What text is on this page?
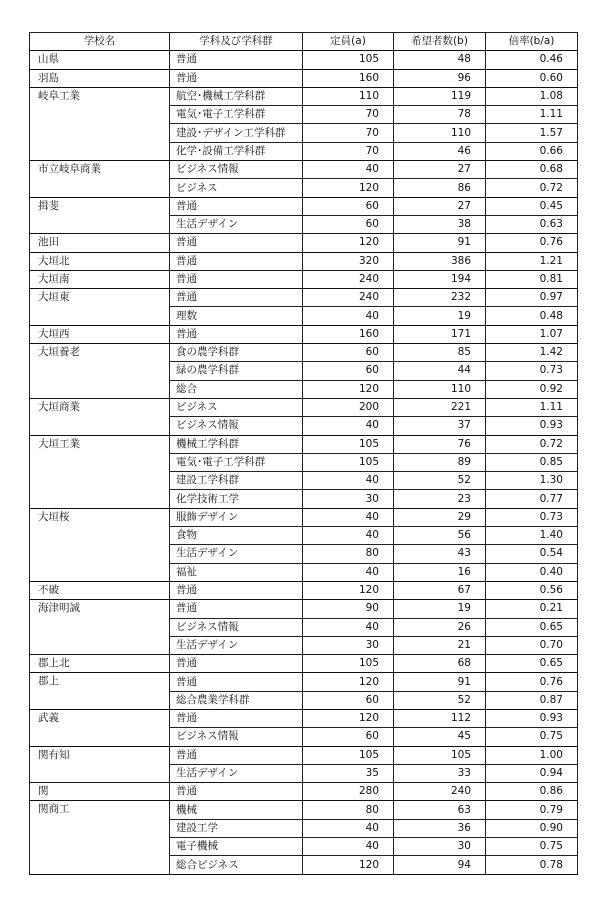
学校名	学科及び学科群	定員(a)	希望者数(b)	倍率(b/a)
山県	普通	105	48	0.46
羽島	普通	160	96	0.60
岐阜工業	航空･機械工学科群	110	119	1.08
	電気･電子工学科群	70	78	1.11
	建設･デザイン工学科群	70	110	1.57
	化学･設備工学科群	70	46	0.66
市立岐阜商業	ビジネス情報	40	27	0.68
	ビジネス	120	86	0.72
揖斐	普通	60	27	0.45
	生活デザイン	60	38	0.63
池田	普通	120	91	0.76
大垣北	普通	320	386	1.21
大垣南	普通	240	194	0.81
大垣東	普通	240	232	0.97
	理数	40	19	0.48
大垣西	普通	160	171	1.07
大垣養老	食の農学科群	60	85	1.42
	緑の農学科群	60	44	0.73
	総合	120	110	0.92
大垣商業	ビジネス	200	221	1.11
	ビジネス情報	40	37	0.93
大垣工業	機械工学科群	105	76	0.72
	電気･電子工学科群	105	89	0.85
	建設工学科群	40	52	1.30
	化学技術工学	30	23	0.77
大垣桜	服飾デザイン	40	29	0.73
	食物	40	56	1.40
	生活デザイン	80	43	0.54
	福祉	40	16	0.40
不破	普通	120	67	0.56
海津明誠	普通	90	19	0.21
	ビジネス情報	40	26	0.65
	生活デザイン	30	21	0.70
郡上北	普通	105	68	0.65
郡上	普通	120	91	0.76
	総合農業学科群	60	52	0.87
武義	普通	120	112	0.93
	ビジネス情報	60	45	0.75
関有知	普通	105	105	1.00
	生活デザイン	35	33	0.94
関	普通	280	240	0.86
関商工	機械	80	63	0.79
	建設工学	40	36	0.90
	電子機械	40	30	0.75
	総合ビジネス	120	94	0.78
